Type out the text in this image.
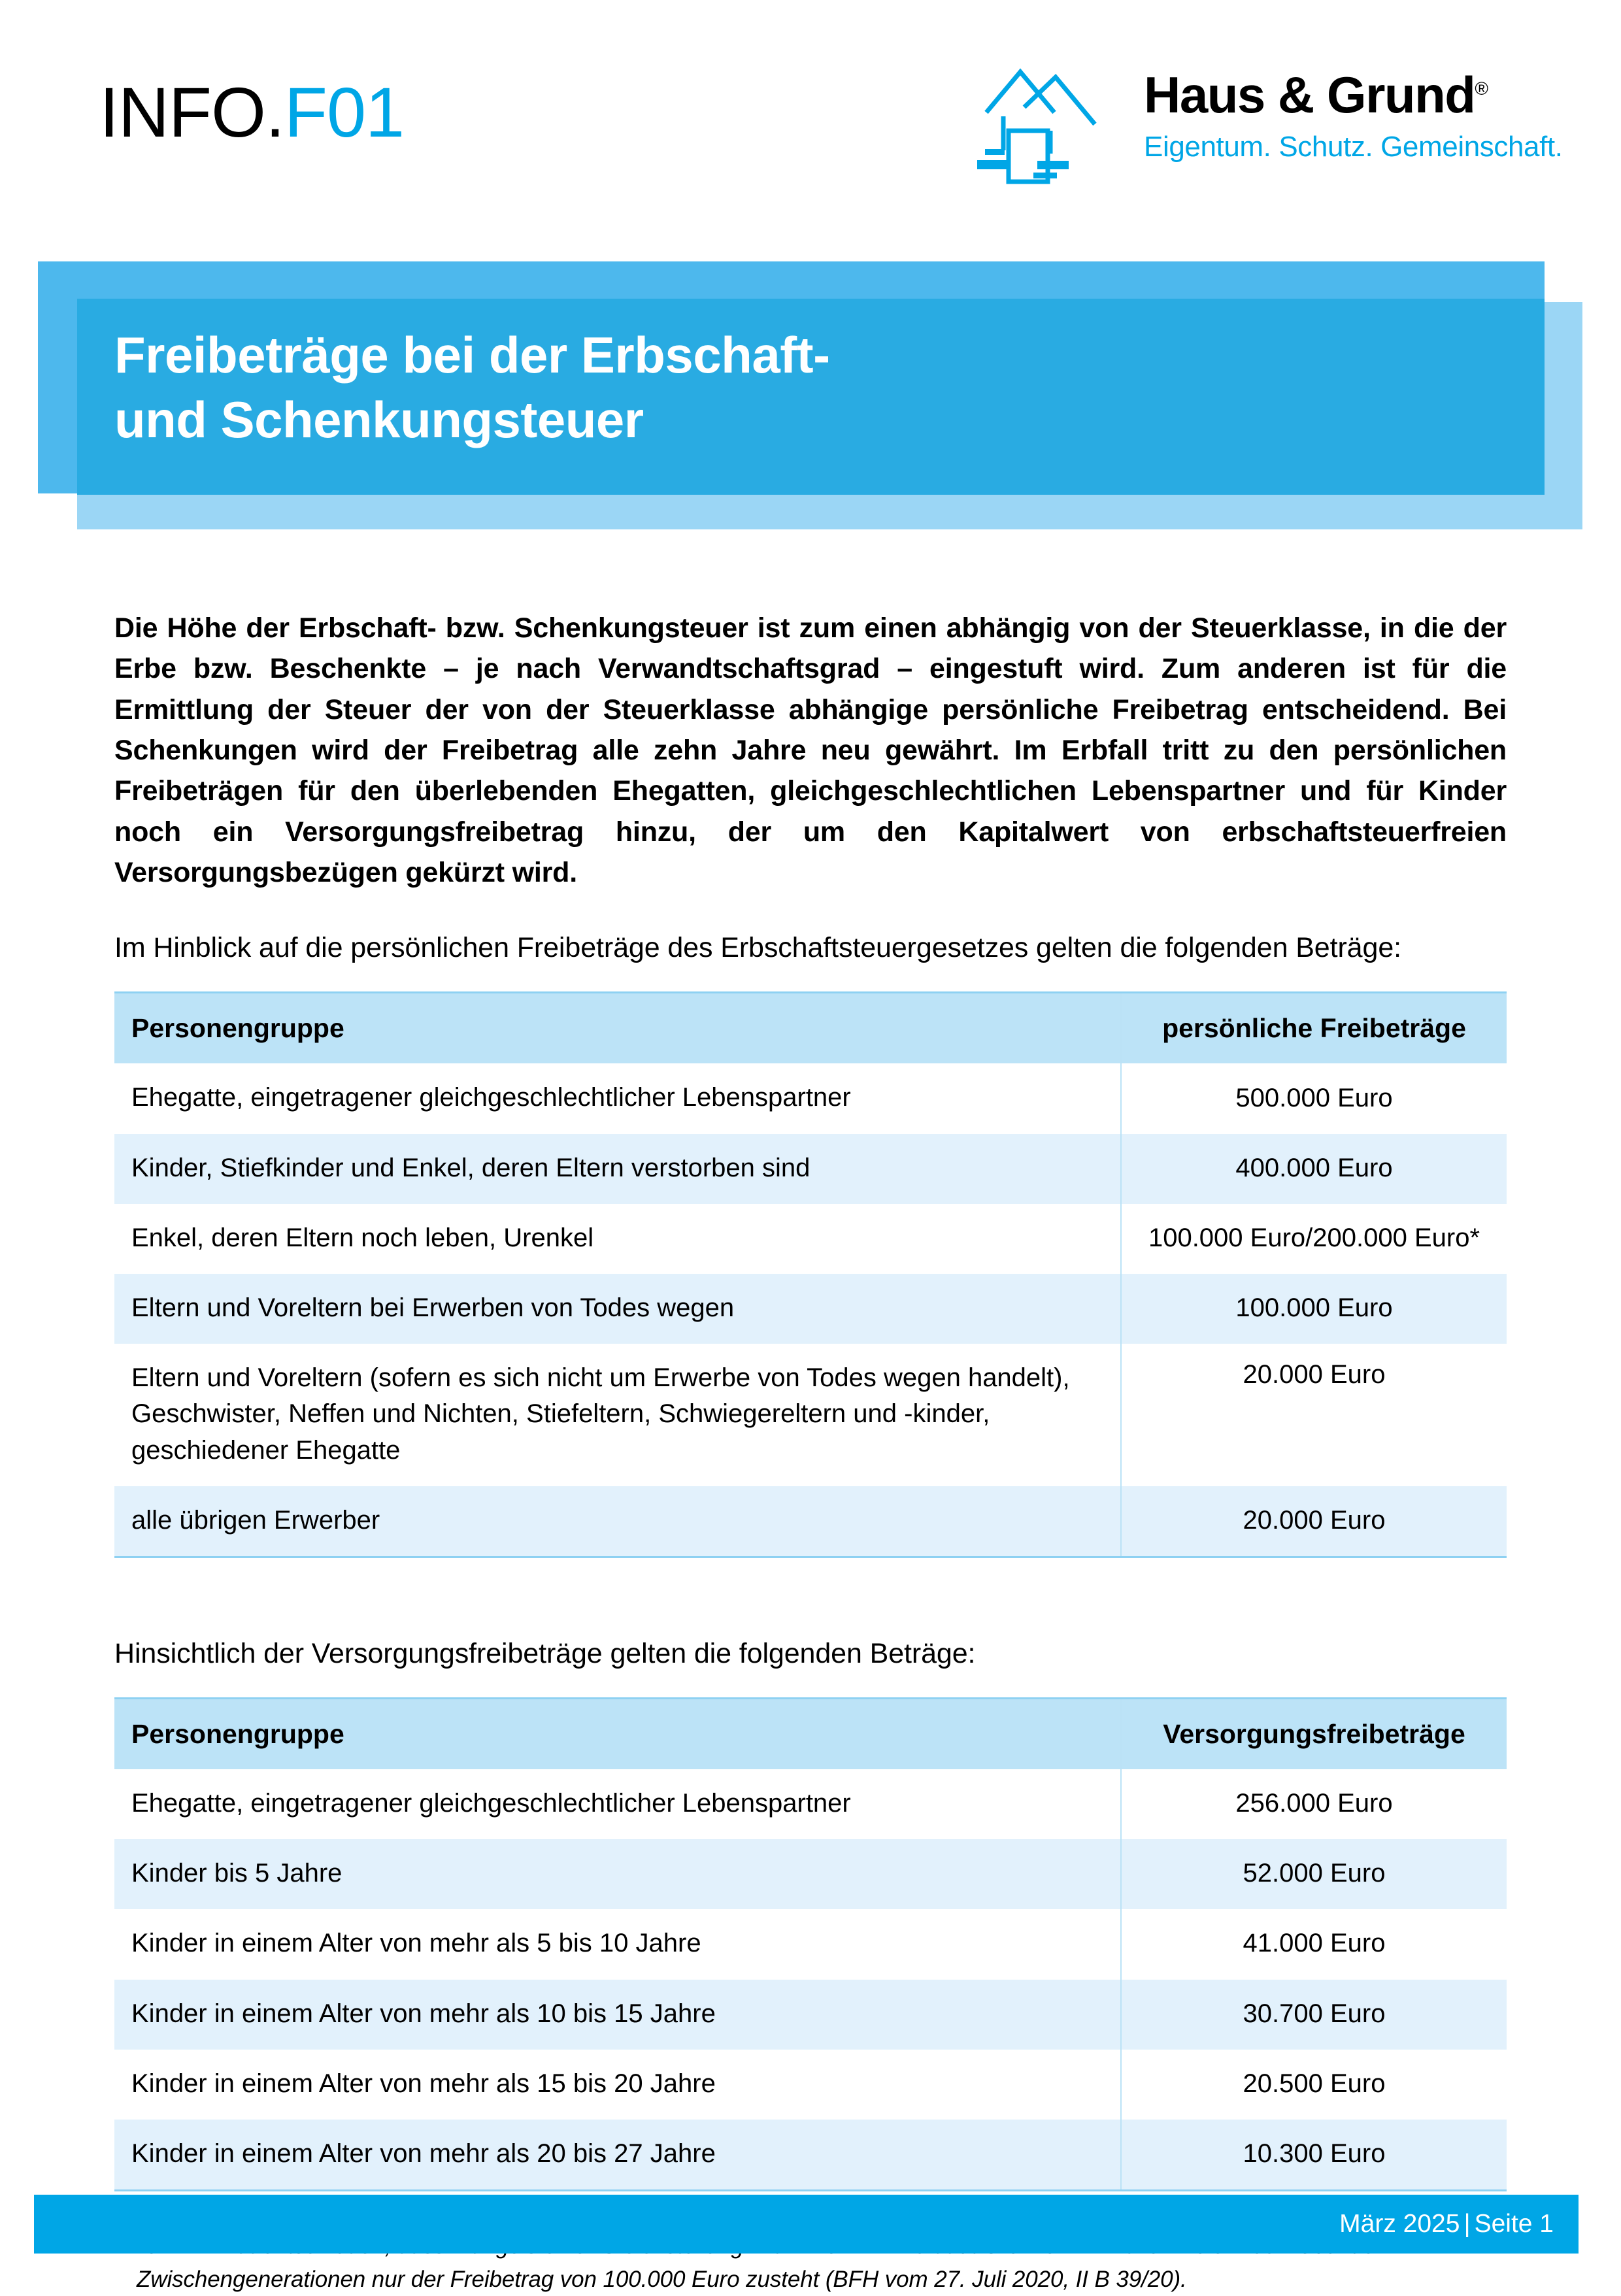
INFO.F01	Haus & Grund®
Eigentum. Schutz. Gemeinschaft.
Freibeträge bei der Erbschaft-
und Schenkungsteuer

Die Höhe der Erbschaft- bzw. Schenkungsteuer ist zum einen abhängig von der Steuerklasse, in die der Erbe bzw. Beschenkte – je nach Verwandtschaftsgrad – eingestuft wird. Zum anderen ist für die Ermittlung der Steuer der von der Steuerklasse abhängige persönliche Freibetrag entscheidend. Bei Schenkungen wird der Freibetrag alle zehn Jahre neu gewährt. Im Erbfall tritt zu den persönlichen Freibeträgen für den überlebenden Ehegatten, gleichgeschlechtlichen Lebenspartner und für Kinder noch ein Versorgungsfreibetrag hinzu, der um den Kapitalwert von erbschaftsteuerfreien Versorgungsbezügen gekürzt wird.

Im Hinblick auf die persönlichen Freibeträge des Erbschaftsteuergesetzes gelten die folgenden Beträge:

Personengruppe	persönliche Freibeträge
Ehegatte, eingetragener gleichgeschlechtlicher Lebenspartner	500.000 Euro
Kinder, Stiefkinder und Enkel, deren Eltern verstorben sind	400.000 Euro
Enkel, deren Eltern noch leben, Urenkel	100.000 Euro/200.000 Euro*
Eltern und Voreltern bei Erwerben von Todes wegen	100.000 Euro
Eltern und Voreltern (sofern es sich nicht um Erwerbe von Todes wegen handelt), Geschwister, Neffen und Nichten, Stiefeltern, Schwiegereltern und -kinder, geschiedener Ehegatte	20.000 Euro
alle übrigen Erwerber	20.000 Euro

Hinsichtlich der Versorgungsfreibeträge gelten die folgenden Beträge:

Personengruppe	Versorgungsfreibeträge
Ehegatte, eingetragener gleichgeschlechtlicher Lebenspartner	256.000 Euro
Kinder bis 5 Jahre	52.000 Euro
Kinder in einem Alter von mehr als 5 bis 10 Jahre	41.000 Euro
Kinder in einem Alter von mehr als 10 bis 15 Jahre	30.700 Euro
Kinder in einem Alter von mehr als 15 bis 20 Jahre	20.500 Euro
Kinder in einem Alter von mehr als 20 bis 27 Jahre	10.300 Euro
Zwischengenerationen nur der Freibetrag von 100.000 Euro zusteht (BFH vom 27. Juli 2020, II B 39/20).
März 2025 | Seite 1
